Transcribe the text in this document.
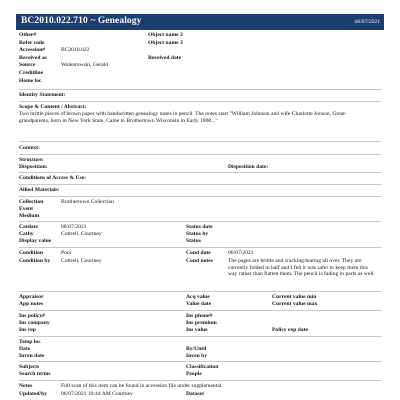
BC2010.022.710 ~ Genealogy	06/07/2021
Other#	Object name 2
Refer code	Object name 3
Accession#	BC2010.022
Received as	Received date
Source	Walentowski, Gerald
Creditline
Home loc
Identity Statement:
Scope & Content / Abstract:
Two brittle pieces of brown paper with handwritten genealogy notes in pencil. The notes start "William Johnson and wife Charlotte Jonson, Great-grandparents, born in New York State, Came to Brothertown Wisconsin in Early 1800..."
Context:
Structure:
Disposition:	Disposition date:
Conditions of Access & Use:
Allied Materials:
Collection	Brothertown Collection
Event
Medium
Catdate	06/07/2021	Status date
Catby	Cottrell, Courtney	Status by
Display value	Status
Condition	Poor	Cond date	06/07/2021
Condition by Cottrell, Courtney	Cond notes	The pages are brittle and cracking/tearing all over. They are currently folded in half and I felt it was safer to keep them this way rather than flatten them. The pencil is fading in parts as well.
Appraisor	Acq value	Current value min
App notes	Value date	Current value max
Ins policy#	Ins phone#
Ins company	Ins premium
Ins rep	Ins value	Policy exp date
Temp loc
Date	By/Until
Inven date	Inven by
Subjects	Classification
Search terms	People
Notes	Full scan of this item can be found in accession file under supplemental.
Updated/by	06/07/2021 10:44 AM Courtney	Dataset
